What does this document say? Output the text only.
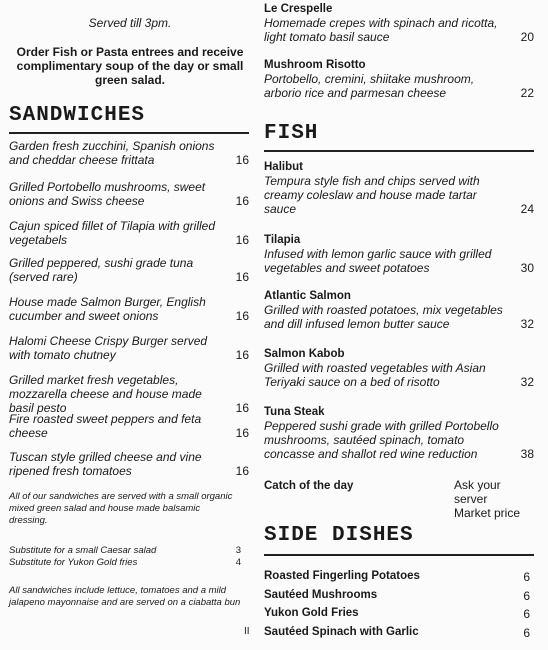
Served till 3pm.
Order Fish or Pasta entrees and receive complimentary soup of the day or small green salad.
SANDWICHES
Garden fresh zucchini, Spanish onions and cheddar cheese frittata	16
Grilled Portobello mushrooms, sweet onions and Swiss cheese	16
Cajun spiced fillet of Tilapia with grilled vegetabels	16
Grilled peppered, sushi grade tuna (served rare)	16
House made Salmon Burger, English cucumber and sweet onions	16
Halomi Cheese Crispy Burger served with tomato chutney	16
Grilled market fresh vegetables, mozzarella cheese and house made basil pesto	16
Fire roasted sweet peppers and feta cheese	16
Tuscan style grilled cheese and vine ripened fresh tomatoes	16
All of our sandwiches are served with a small organic mixed green salad and house made balsamic dressing.
Substitute for a small Caesar salad	3
Substitute for Yukon Gold fries	4
All sandwiches include lettuce, tomatoes and a mild jalapeno mayonnaise and are served on a ciabatta bun
Le Crespelle
Homemade crepes with spinach and ricotta, light tomato basil sauce	20
Mushroom Risotto
Portobello, cremini, shiitake mushroom, arborio rice and parmesan cheese	22
FISH
Halibut
Tempura style fish and chips served with creamy coleslaw and house made tartar sauce	24
Tilapia
Infused with lemon garlic sauce with grilled vegetables and sweet potatoes	30
Atlantic Salmon
Grilled with roasted potatoes, mix vegetables and dill infused lemon butter sauce	32
Salmon Kabob
Grilled with roasted vegetables with Asian Teriyaki sauce on a bed of risotto	32
Tuna Steak
Peppered sushi grade with grilled Portobello mushrooms, sautéed spinach, tomato concasse and shallot red wine reduction	38
Catch of the day	Ask your server
Market price
SIDE DISHES
Roasted Fingerling Potatoes	6
Sautéed Mushrooms	6
Yukon Gold Fries	6
Sautéed Spinach with Garlic	6
II
